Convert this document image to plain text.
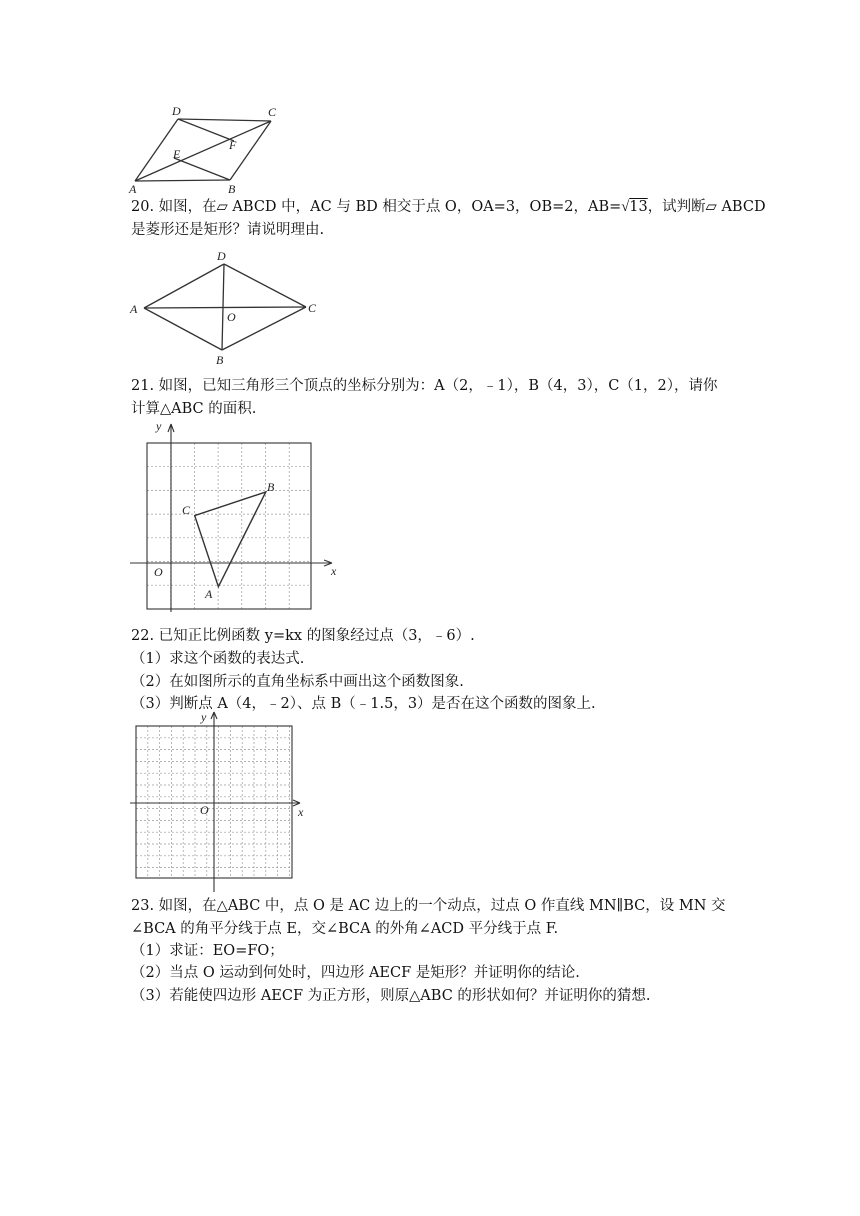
D	C
E
F
A	B
20. 如图，在▱ ABCD 中，AC 与 BD 相交于点 O，OA=3，OB=2，AB=√13，试判断▱ ABCD
是菱形还是矩形？请说明理由.
D
A
O
C
B
21. 如图，已知三角形三个顶点的坐标分别为：A（2，﹣1），B（4，3），C（1，2），请你
计算△ABC 的面积.
y
x
O
A
B
C
22. 已知正比例函数 y=kx 的图象经过点（3，﹣6）.
（1）求这个函数的表达式.
（2）在如图所示的直角坐标系中画出这个函数图象.
（3）判断点 A（4，﹣2）、点 B（﹣1.5，3）是否在这个函数的图象上.
y
x
O
23. 如图，在△ABC 中，点 O 是 AC 边上的一个动点，过点 O 作直线 MN∥BC，设 MN 交
∠BCA 的角平分线于点 E，交∠BCA 的外角∠ACD 平分线于点 F.
（1）求证：EO=FO；
（2）当点 O 运动到何处时，四边形 AECF 是矩形？并证明你的结论.
（3）若能使四边形 AECF 为正方形，则原△ABC 的形状如何？并证明你的猜想.
